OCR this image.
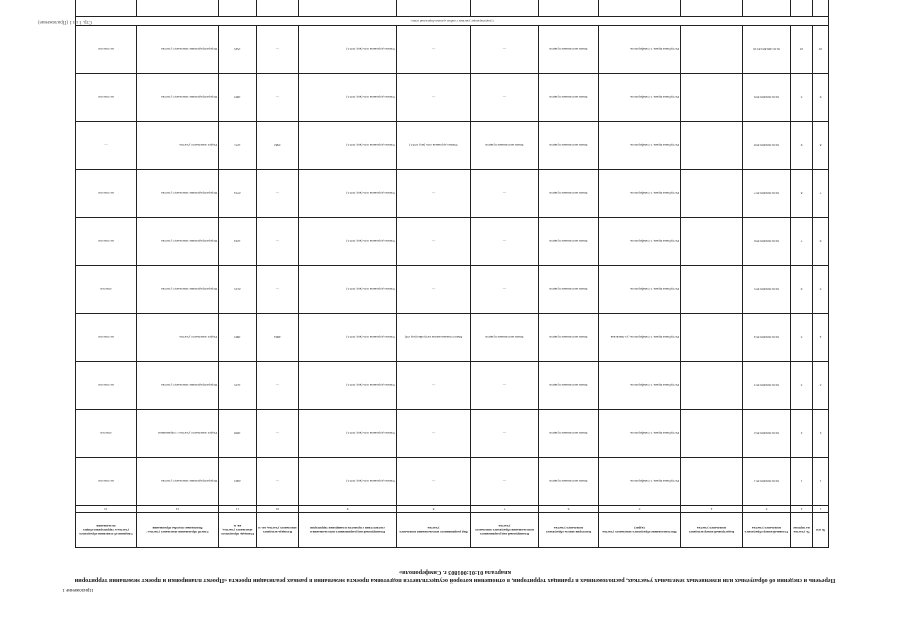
Приложение 1
Перечень и сведения об образуемых или изменяемых земельных участках, расположенных в границах территории, в отношении которой осуществляется подготовка проекта межевания в рамках реализации проекта «Проект планировки и проект межевания территории квартала 01:01:001803 г. Симферополя»
№ п/п	№ участка на чертеже	Условный номер образуемого земельного участка	Кадастровый номер исходного земельного участка	Местоположение образуемого земельного участка (адрес)	Категория земель образуемого земельного участка	Планируемый вид разрешенного использования образуемого земельного участка	Вид разрешенного использования земельного участка	Планируемый вид разрешенного использования в соответствии с проектом планировки территории	Площадь исходного земельного участка, кв. м	Площадь образуемого земельного участка, кв. м	Способ образования земельного участка / Возможные способы образования	Сведения об отнесении образуемого участка к территориям общего пользования
1	2	3	4	5	6	7	8	9	10	11	12	13
1	1	91:01:001803:ЗУ1		Республика Крым, г. Симферополь	Земли населенных пунктов	—	—	Улично-дорожная сеть (код 12.0.1)	—	2463	Перераспределение земельного участка	не отнесен
2	2	91:01:001803:ЗУ2		Республика Крым, г. Симферополь	Земли населенных пунктов	—	—	Улично-дорожная сеть (код 12.0.1)	—	1958	Раздел земельного участка с сохранением	отнесен
3	3	91:01:001803:ЗУ3		Республика Крым, г. Симферополь	Земли населенных пунктов	—	—	Улично-дорожная сеть (код 12.0.1)	—	1125	Перераспределение земельного участка	не отнесен
4	5	91:01:001803:ЗУ4		Республика Крым, г. Симферополь, ул. Киевская	Земли населенных пунктов	Земли населенных пунктов	Многоэтажная жилая застройка (код 2.6)	Улично-дорожная сеть (код 12.0.1)	4064	1803	Раздел земельного участка	не отнесен
5	6	91:01:001803:ЗУ5		Республика Крым, г. Симферополь	Земли населенных пунктов	—	—	Улично-дорожная сеть (код 12.0.1)	—	2125	Перераспределение земельного участка	отнесен
6	7	91:01:001803:ЗУ6		Республика Крым, г. Симферополь	Земли населенных пунктов	—	—	Улично-дорожная сеть (код 12.0.1)	—	1234	Перераспределение земельного участка	не отнесен
7	8	91:01:001803:ЗУ7		Республика Крым, г. Симферополь	Земли населенных пунктов	—	—	Улично-дорожная сеть (код 12.0.1)	—	2754	Перераспределение земельного участка	не отнесен
8	9	91:01:001803:ЗУ8		Республика Крым, г. Симферополь	Земли населенных пунктов	Земли населенных пунктов	Улично-дорожная сеть (код 12.0.1)	Улично-дорожная сеть (код 12.0.1)	3382	1271	Раздел земельного участка	—
9	5	91:01:001803:ЗУ9		Республика Крым, г. Симферополь	Земли населенных пунктов	—	—	Улично-дорожная сеть (код 12.0.1)	—	1003	Перераспределение земельного участка	не отнесен
10	10	91:01:001803:ЗУ10		Республика Крым, г. Симферополь	Земли населенных пунктов	—	—	Улично-дорожная сеть (код 12.0.1)	—	1545	Перераспределение земельного участка	не отнесен
Существующие участки с видом «улично-дорожной сети»												

Стр. 1 из 1 (Приложение)
